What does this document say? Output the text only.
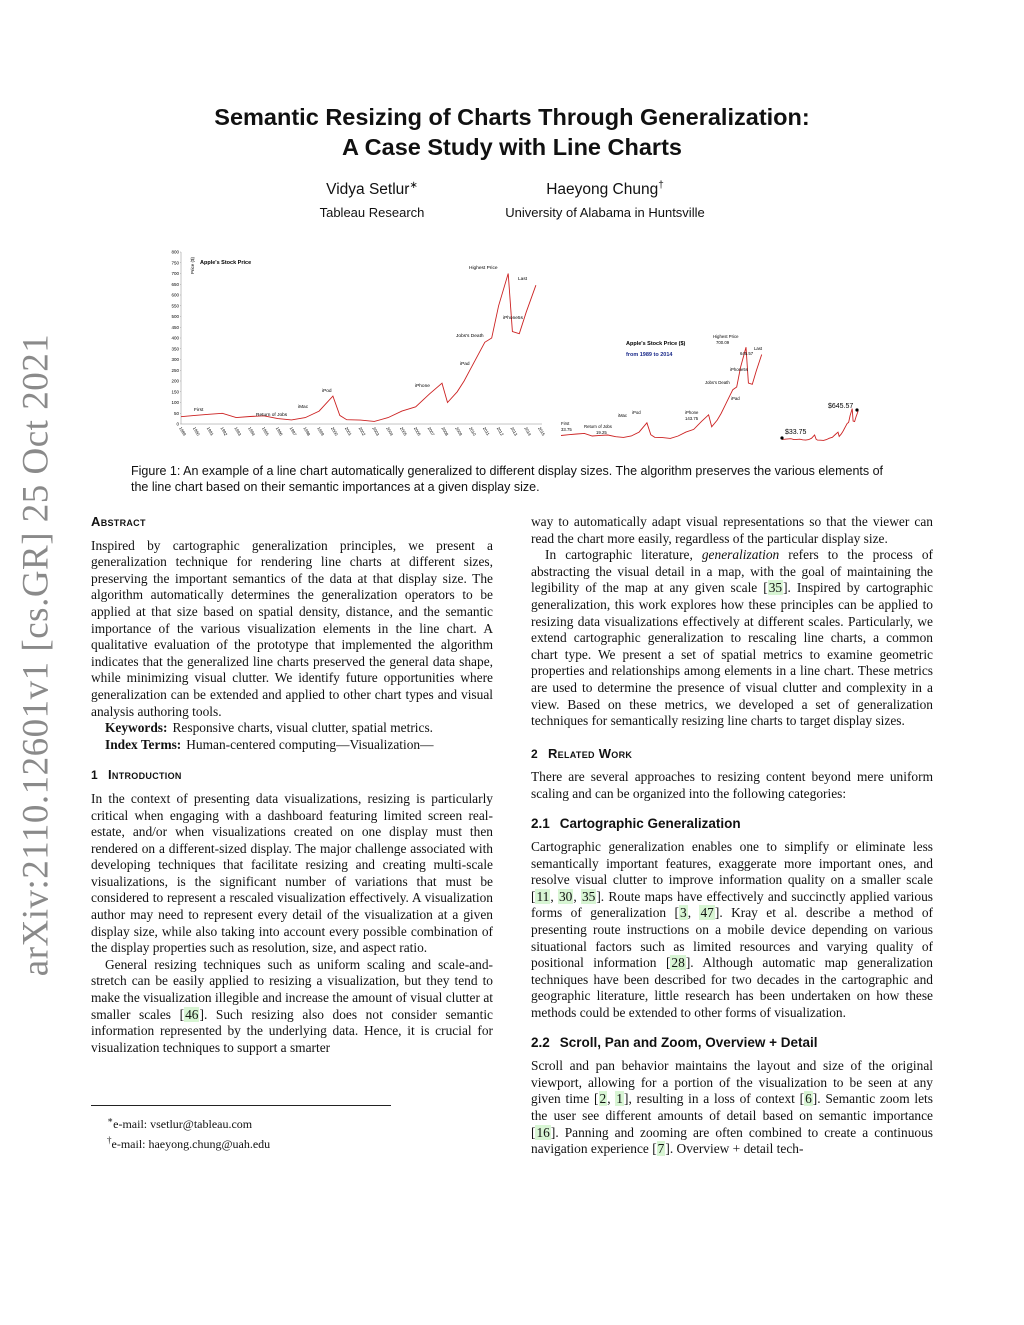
arXiv:2110.12601v1 [cs.GR] 25 Oct 2021
Semantic Resizing of Charts Through Generalization:
A Case Study with Line Charts
Vidya Setlur∗
Tableau Research
Haeyong Chung†
University of Alabama in Huntsville
Apple's Stock Price
Price ($)
0
50
100
150
200
250
300
350
400
450
500
550
600
650
700
750
800
1989 1990 1991 1992 1993 1994 1995 1996 1997 1998 1999 2000 2001 2002 2003 2004 2005 2006 2007 2008 2009 2010 2011 2012 2013 2014 2015
First
Return of Jobs
iMac
iPod
iPhone
iPad
Jobs's Death
iPhone5s
Highest Price
Last
Apple's Stock Price ($)
from 1989 to 2014
First
33.75
Return of Jobs
19.25
iMac
iPod	iPhone
143.75
Jobs's Death
iPad
iPhone5s
Highest Price
700.09
Last
645.57
$33.75
$645.57
Figure 1: An example of a line chart automatically generalized to different display sizes. The algorithm preserves the various elements of the line chart based on their semantic importances at a given display size.
Abstract

Inspired by cartographic generalization principles, we present a generalization technique for rendering line charts at different sizes, preserving the important semantics of the data at that display size. The algorithm automatically determines the generalization operators to be applied at that size based on spatial density, distance, and the semantic importance of the various visualization elements in the line chart. A qualitative evaluation of the prototype that implemented the algorithm indicates that the generalized line charts preserved the general data shape, while minimizing visual clutter. We identify future opportunities where generalization can be extended and applied to other chart types and visual analysis authoring tools.

Keywords: Responsive charts, visual clutter, spatial metrics.

Index Terms: Human-centered computing—Visualization—

1 Introduction

In the context of presenting data visualizations, resizing is particularly critical when engaging with a dashboard featuring limited screen real-estate, and/or when visualizations created on one display must then rendered on a different-sized display. The major challenge associated with developing techniques that facilitate resizing and creating multi-scale visualizations, is the significant number of variations that must be considered to represent a rescaled visualization effectively. A visualization author may need to represent every detail of the visualization at a given display size, while also taking into account every possible combination of the display properties such as resolution, size, and aspect ratio.

General resizing techniques such as uniform scaling and scale-and-stretch can be easily applied to resizing a visualization, but they tend to make the visualization illegible and increase the amount of visual clutter at smaller scales [46]. Such resizing also does not consider semantic information represented by the underlying data. Hence, it is crucial for visualization techniques to support a smarter

∗e-mail: vsetlur@tableau.com
†e-mail: haeyong.chung@uah.edu

way to automatically adapt visual representations so that the viewer can read the chart more easily, regardless of the particular display size.

In cartographic literature, generalization refers to the process of abstracting the visual detail in a map, with the goal of maintaining the legibility of the map at any given scale [35]. Inspired by cartographic generalization, this work explores how these principles can be applied to resizing data visualizations effectively at different scales. Particularly, we extend cartographic generalization to rescaling line charts, a common chart type. We present a set of spatial metrics to examine geometric properties and relationships among elements in a line chart. These metrics are used to determine the presence of visual clutter and complexity in a view. Based on these metrics, we developed a set of generalization techniques for semantically resizing line charts to target display sizes.

2 Related Work

There are several approaches to resizing content beyond mere uniform scaling and can be organized into the following categories:

2.1 Cartographic Generalization

Cartographic generalization enables one to simplify or eliminate less semantically important features, exaggerate more important ones, and resolve visual clutter to improve information quality on a smaller scale [11, 30, 35]. Route maps have effectively and succinctly applied various forms of generalization [3, 47]. Kray et al. describe a method of presenting route instructions on a mobile device depending on various situational factors such as limited resources and varying quality of positional information [28]. Although automatic map generalization techniques have been described for two decades in the cartographic and geographic literature, little research has been undertaken on how these methods could be extended to other forms of visualization.

2.2 Scroll, Pan and Zoom, Overview + Detail

Scroll and pan behavior maintains the layout and size of the original viewport, allowing for a portion of the visualization to be seen at any given time [2, 1], resulting in a loss of context [6]. Semantic zoom lets the user see different amounts of detail based on semantic importance [16]. Panning and zooming are often combined to create a continuous navigation experience [7]. Overview + detail tech-
